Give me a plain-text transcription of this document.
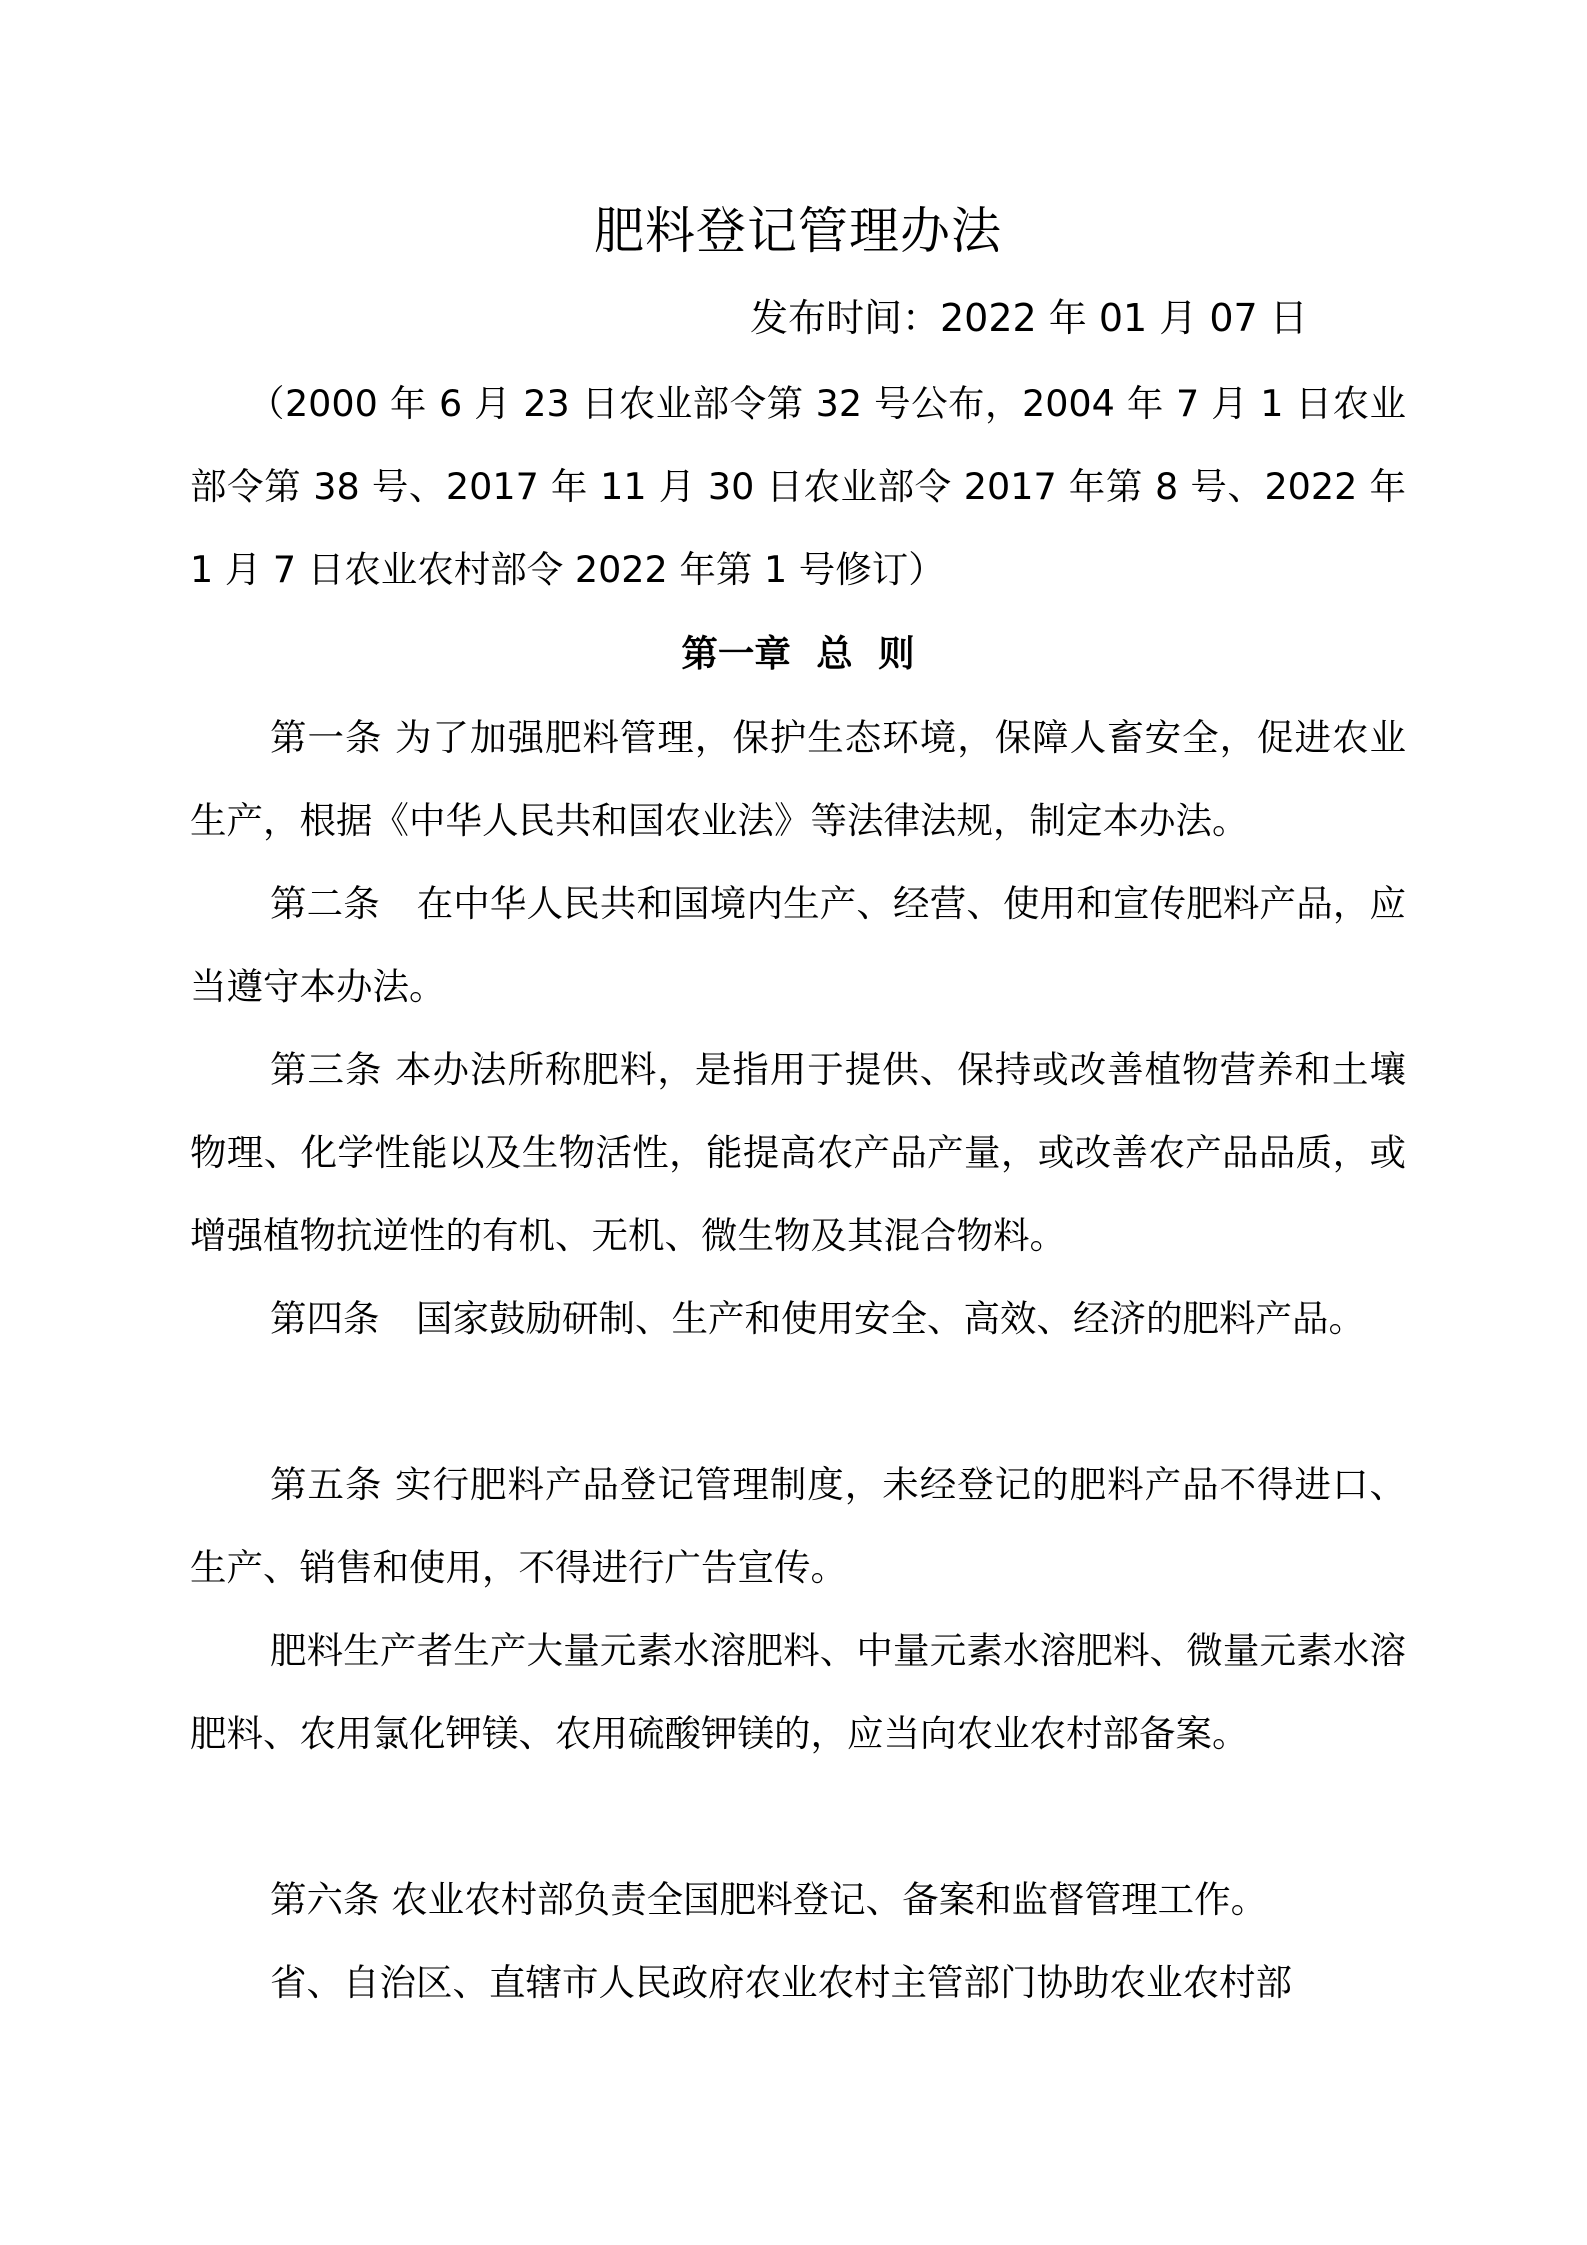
肥料登记管理办法
发布时间：2022 年 01 月 07 日

（2000 年 6 月 23 日农业部令第 32 号公布，2004 年 7 月 1 日农业部令第 38 号、2017 年 11 月 30 日农业部令 2017 年第 8 号、2022 年 1 月 7 日农业农村部令 2022 年第 1 号修订）

第一章  总  则

第一条 为了加强肥料管理，保护生态环境，保障人畜安全，促进农业生产，根据《中华人民共和国农业法》等法律法规，制定本办法。

第二条　在中华人民共和国境内生产、经营、使用和宣传肥料产品，应当遵守本办法。

第三条 本办法所称肥料，是指用于提供、保持或改善植物营养和土壤物理、化学性能以及生物活性，能提高农产品产量，或改善农产品品质，或增强植物抗逆性的有机、无机、微生物及其混合物料。

第四条　国家鼓励研制、生产和使用安全、高效、经济的肥料产品。

第五条 实行肥料产品登记管理制度，未经登记的肥料产品不得进口、生产、销售和使用，不得进行广告宣传。

肥料生产者生产大量元素水溶肥料、中量元素水溶肥料、微量元素水溶肥料、农用氯化钾镁、农用硫酸钾镁的，应当向农业农村部备案。

第六条 农业农村部负责全国肥料登记、备案和监督管理工作。

省、自治区、直辖市人民政府农业农村主管部门协助农业农村部
